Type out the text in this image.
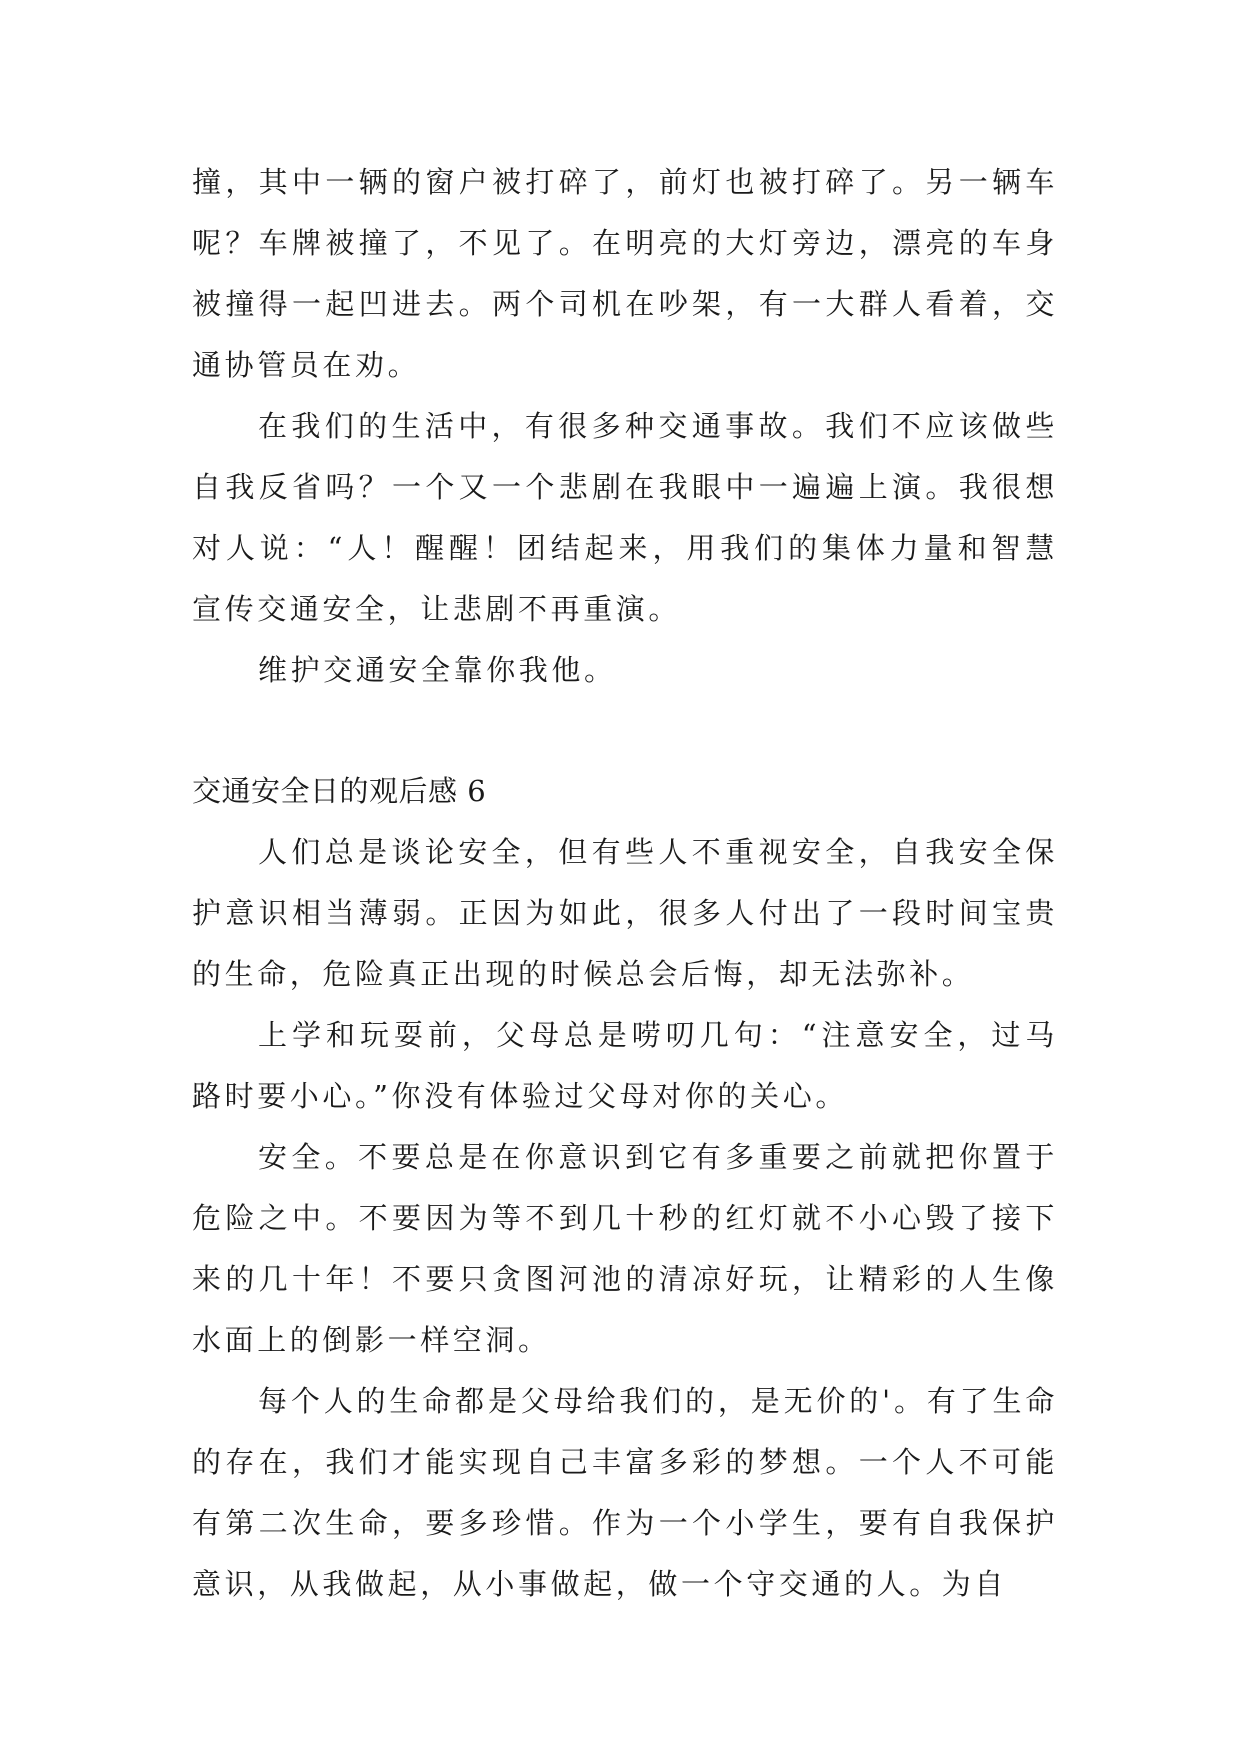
撞，其中一辆的窗户被打碎了，前灯也被打碎了。另一辆车呢？车牌被撞了，不见了。在明亮的大灯旁边，漂亮的车身被撞得一起凹进去。两个司机在吵架，有一大群人看着，交通协管员在劝。

在我们的生活中，有很多种交通事故。我们不应该做些自我反省吗？一个又一个悲剧在我眼中一遍遍上演。我很想对人说：“人！醒醒！团结起来，用我们的集体力量和智慧宣传交通安全，让悲剧不再重演。

维护交通安全靠你我他。

交通安全日的观后感 6

人们总是谈论安全，但有些人不重视安全，自我安全保护意识相当薄弱。正因为如此，很多人付出了一段时间宝贵的生命，危险真正出现的时候总会后悔，却无法弥补。

上学和玩耍前，父母总是唠叨几句：“注意安全，过马路时要小心。”你没有体验过父母对你的关心。

安全。不要总是在你意识到它有多重要之前就把你置于危险之中。不要因为等不到几十秒的红灯就不小心毁了接下来的几十年！不要只贪图河池的清凉好玩，让精彩的人生像水面上的倒影一样空洞。

每个人的生命都是父母给我们的，是无价的'。有了生命的存在，我们才能实现自己丰富多彩的梦想。一个人不可能有第二次生命，要多珍惜。作为一个小学生，要有自我保护意识，从我做起，从小事做起，做一个守交通的人。为自
